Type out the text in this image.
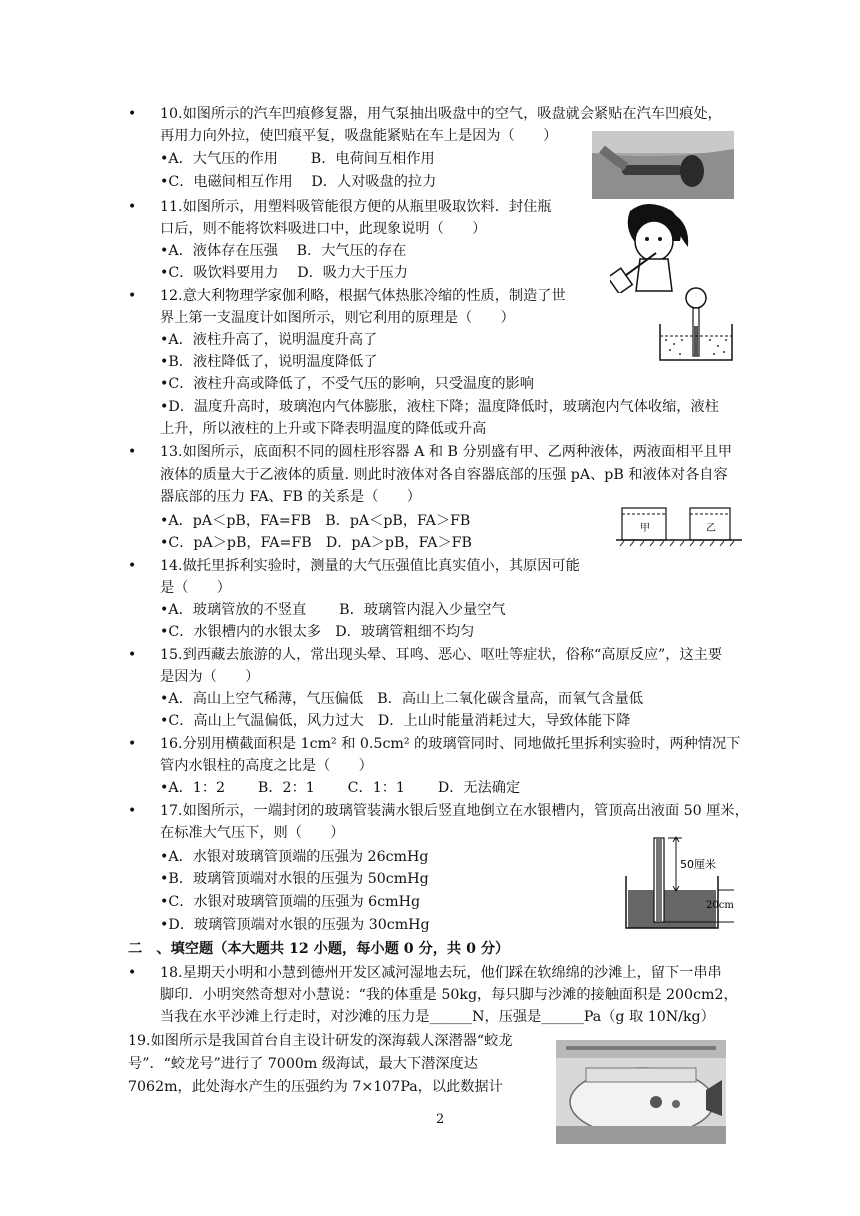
•
•
•
•
•
•
•
•
•
10.如图所示的汽车凹痕修复器，用气泵抽出吸盘中的空气，吸盘就会紧贴在汽车凹痕处，
再用力向外拉，使凹痕平复，吸盘能紧贴在车上是因为（　　）
•A．大气压的作用　　 B．电荷间互相作用
•C．电磁间相互作用　 D．人对吸盘的拉力
11.如图所示，用塑料吸管能很方便的从瓶里吸取饮料．封住瓶
口后，则不能将饮料吸进口中，此现象说明（　　）
•A．液体存在压强　 B．大气压的存在
•C．吸饮料要用力　 D．吸力大于压力
12.意大利物理学家伽利略，根据气体热胀冷缩的性质，制造了世
界上第一支温度计如图所示，则它利用的原理是（　　）
•A．液柱升高了，说明温度升高了
•B．液柱降低了，说明温度降低了
•C．液柱升高或降低了，不受气压的影响，只受温度的影响
•D．温度升高时，玻璃泡内气体膨胀，液柱下降；温度降低时，玻璃泡内气体收缩，液柱
上升，所以液柱的上升或下降表明温度的降低或升高
13.如图所示，底面积不同的圆柱形容器 A 和 B 分别盛有甲、乙两种液体，两液面相平且甲
液体的质量大于乙液体的质量. 则此时液体对各自容器底部的压强 pA、pB 和液体对各自容
器底部的压力 FA、FB 的关系是（　　）
•A．pA＜pB，FA=FB　B．pA＜pB，FA＞FB
•C．pA＞pB，FA=FB　D．pA＞pB，FA＞FB
14.做托里拆利实验时，测量的大气压强值比真实值小，其原因可能
是（　　）
•A．玻璃管放的不竖直　　 B．玻璃管内混入少量空气
•C．水银槽内的水银太多　D．玻璃管粗细不均匀
15.到西藏去旅游的人，常出现头晕、耳鸣、恶心、呕吐等症状，俗称“高原反应”，这主要
是因为（　　）
•A．高山上空气稀薄，气压偏低　B．高山上二氧化碳含量高，而氧气含量低
•C．高山上气温偏低，风力过大　D．上山时能量消耗过大，导致体能下降
16.分别用横截面积是 1cm² 和 0.5cm² 的玻璃管同时、同地做托里拆利实验时，两种情况下
管内水银柱的高度之比是（　　）
•A．1：2　　 B．2：1　　 C．1：1　　 D．无法确定
17.如图所示，一端封闭的玻璃管装满水银后竖直地倒立在水银槽内，管顶高出液面 50 厘米，
在标准大气压下，则（　　）
•A．水银对玻璃管顶端的压强为 26cmHg
•B．玻璃管顶端对水银的压强为 50cmHg
•C．水银对玻璃管顶端的压强为 6cmHg
•D．玻璃管顶端对水银的压强为 30cmHg
二　、填空题（本大题共 12 小题，每小题 0 分，共 0 分）
18.星期天小明和小慧到德州开发区减河湿地去玩，他们踩在软绵绵的沙滩上，留下一串串
脚印．小明突然奇想对小慧说：“我的体重是 50kg，每只脚与沙滩的接触面积是 200cm2，
当我在水平沙滩上行走时，对沙滩的压力是______N，压强是______Pa（g 取 10N/kg）
19.如图所示是我国首台自主设计研发的深海载人深潜器“蛟龙
号”．“蛟龙号”进行了 7000m 级海试，最大下潜深度达
7062m，此处海水产生的压强约为 7×107Pa，以此数据计
2
甲	乙
50厘米
20cm
